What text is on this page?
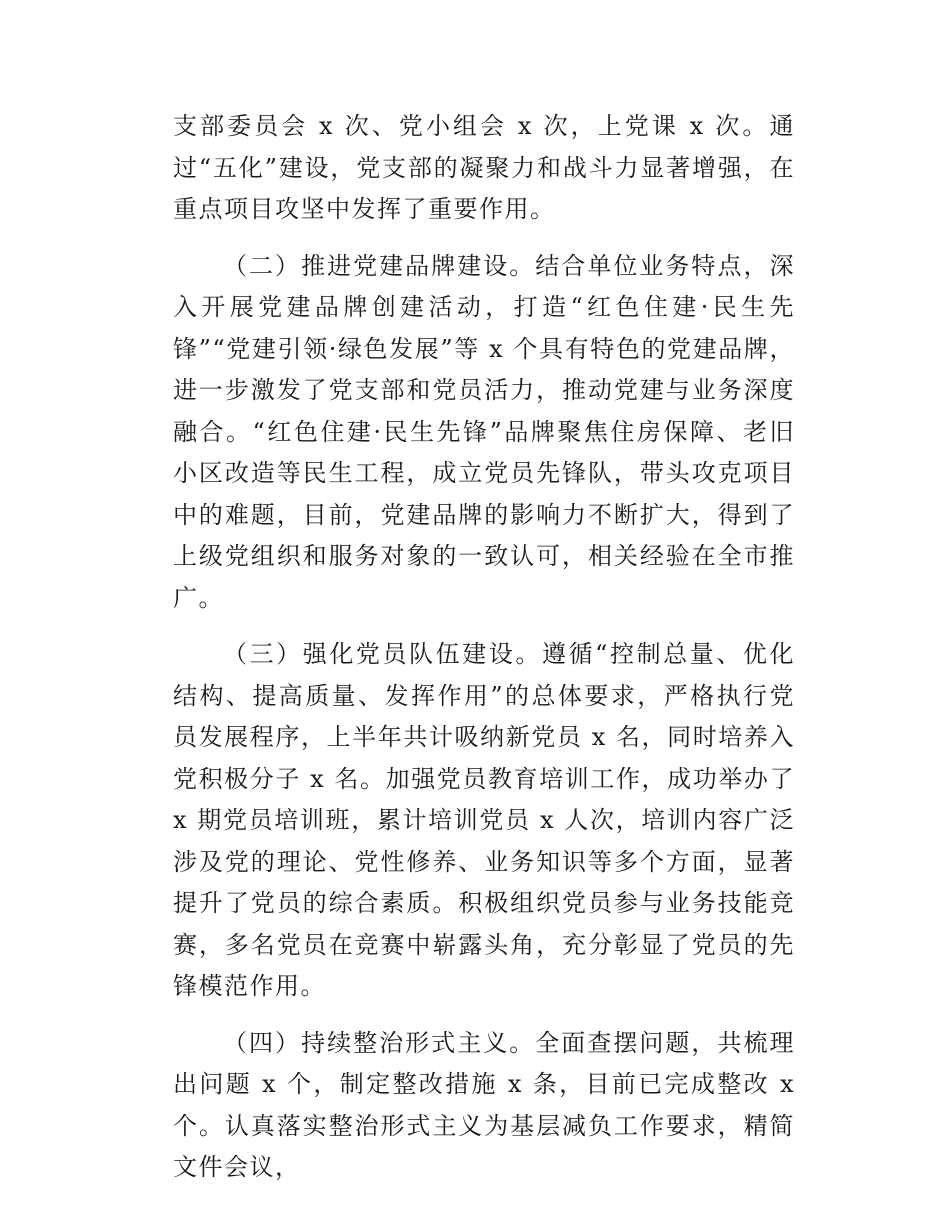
支部委员会 x 次、党小组会 x 次，上党课 x 次。通过“五化”建设，党支部的凝聚力和战斗力显著增强，在重点项目攻坚中发挥了重要作用。

（二）推进党建品牌建设。结合单位业务特点，深入开展党建品牌创建活动，打造“红色住建·民生先锋”“党建引领·绿色发展”等 x 个具有特色的党建品牌，进一步激发了党支部和党员活力，推动党建与业务深度融合。“红色住建·民生先锋”品牌聚焦住房保障、老旧小区改造等民生工程，成立党员先锋队，带头攻克项目中的难题，目前，党建品牌的影响力不断扩大，得到了上级党组织和服务对象的一致认可，相关经验在全市推广。

（三）强化党员队伍建设。遵循“控制总量、优化结构、提高质量、发挥作用”的总体要求，严格执行党员发展程序，上半年共计吸纳新党员 x 名，同时培养入党积极分子 x 名。加强党员教育培训工作，成功举办了 x 期党员培训班，累计培训党员 x 人次，培训内容广泛涉及党的理论、党性修养、业务知识等多个方面，显著提升了党员的综合素质。积极组织党员参与业务技能竞赛，多名党员在竞赛中崭露头角，充分彰显了党员的先锋模范作用。

（四）持续整治形式主义。全面查摆问题，共梳理出问题 x 个，制定整改措施 x 条，目前已完成整改 x 个。认真落实整治形式主义为基层减负工作要求，精简文件会议，
